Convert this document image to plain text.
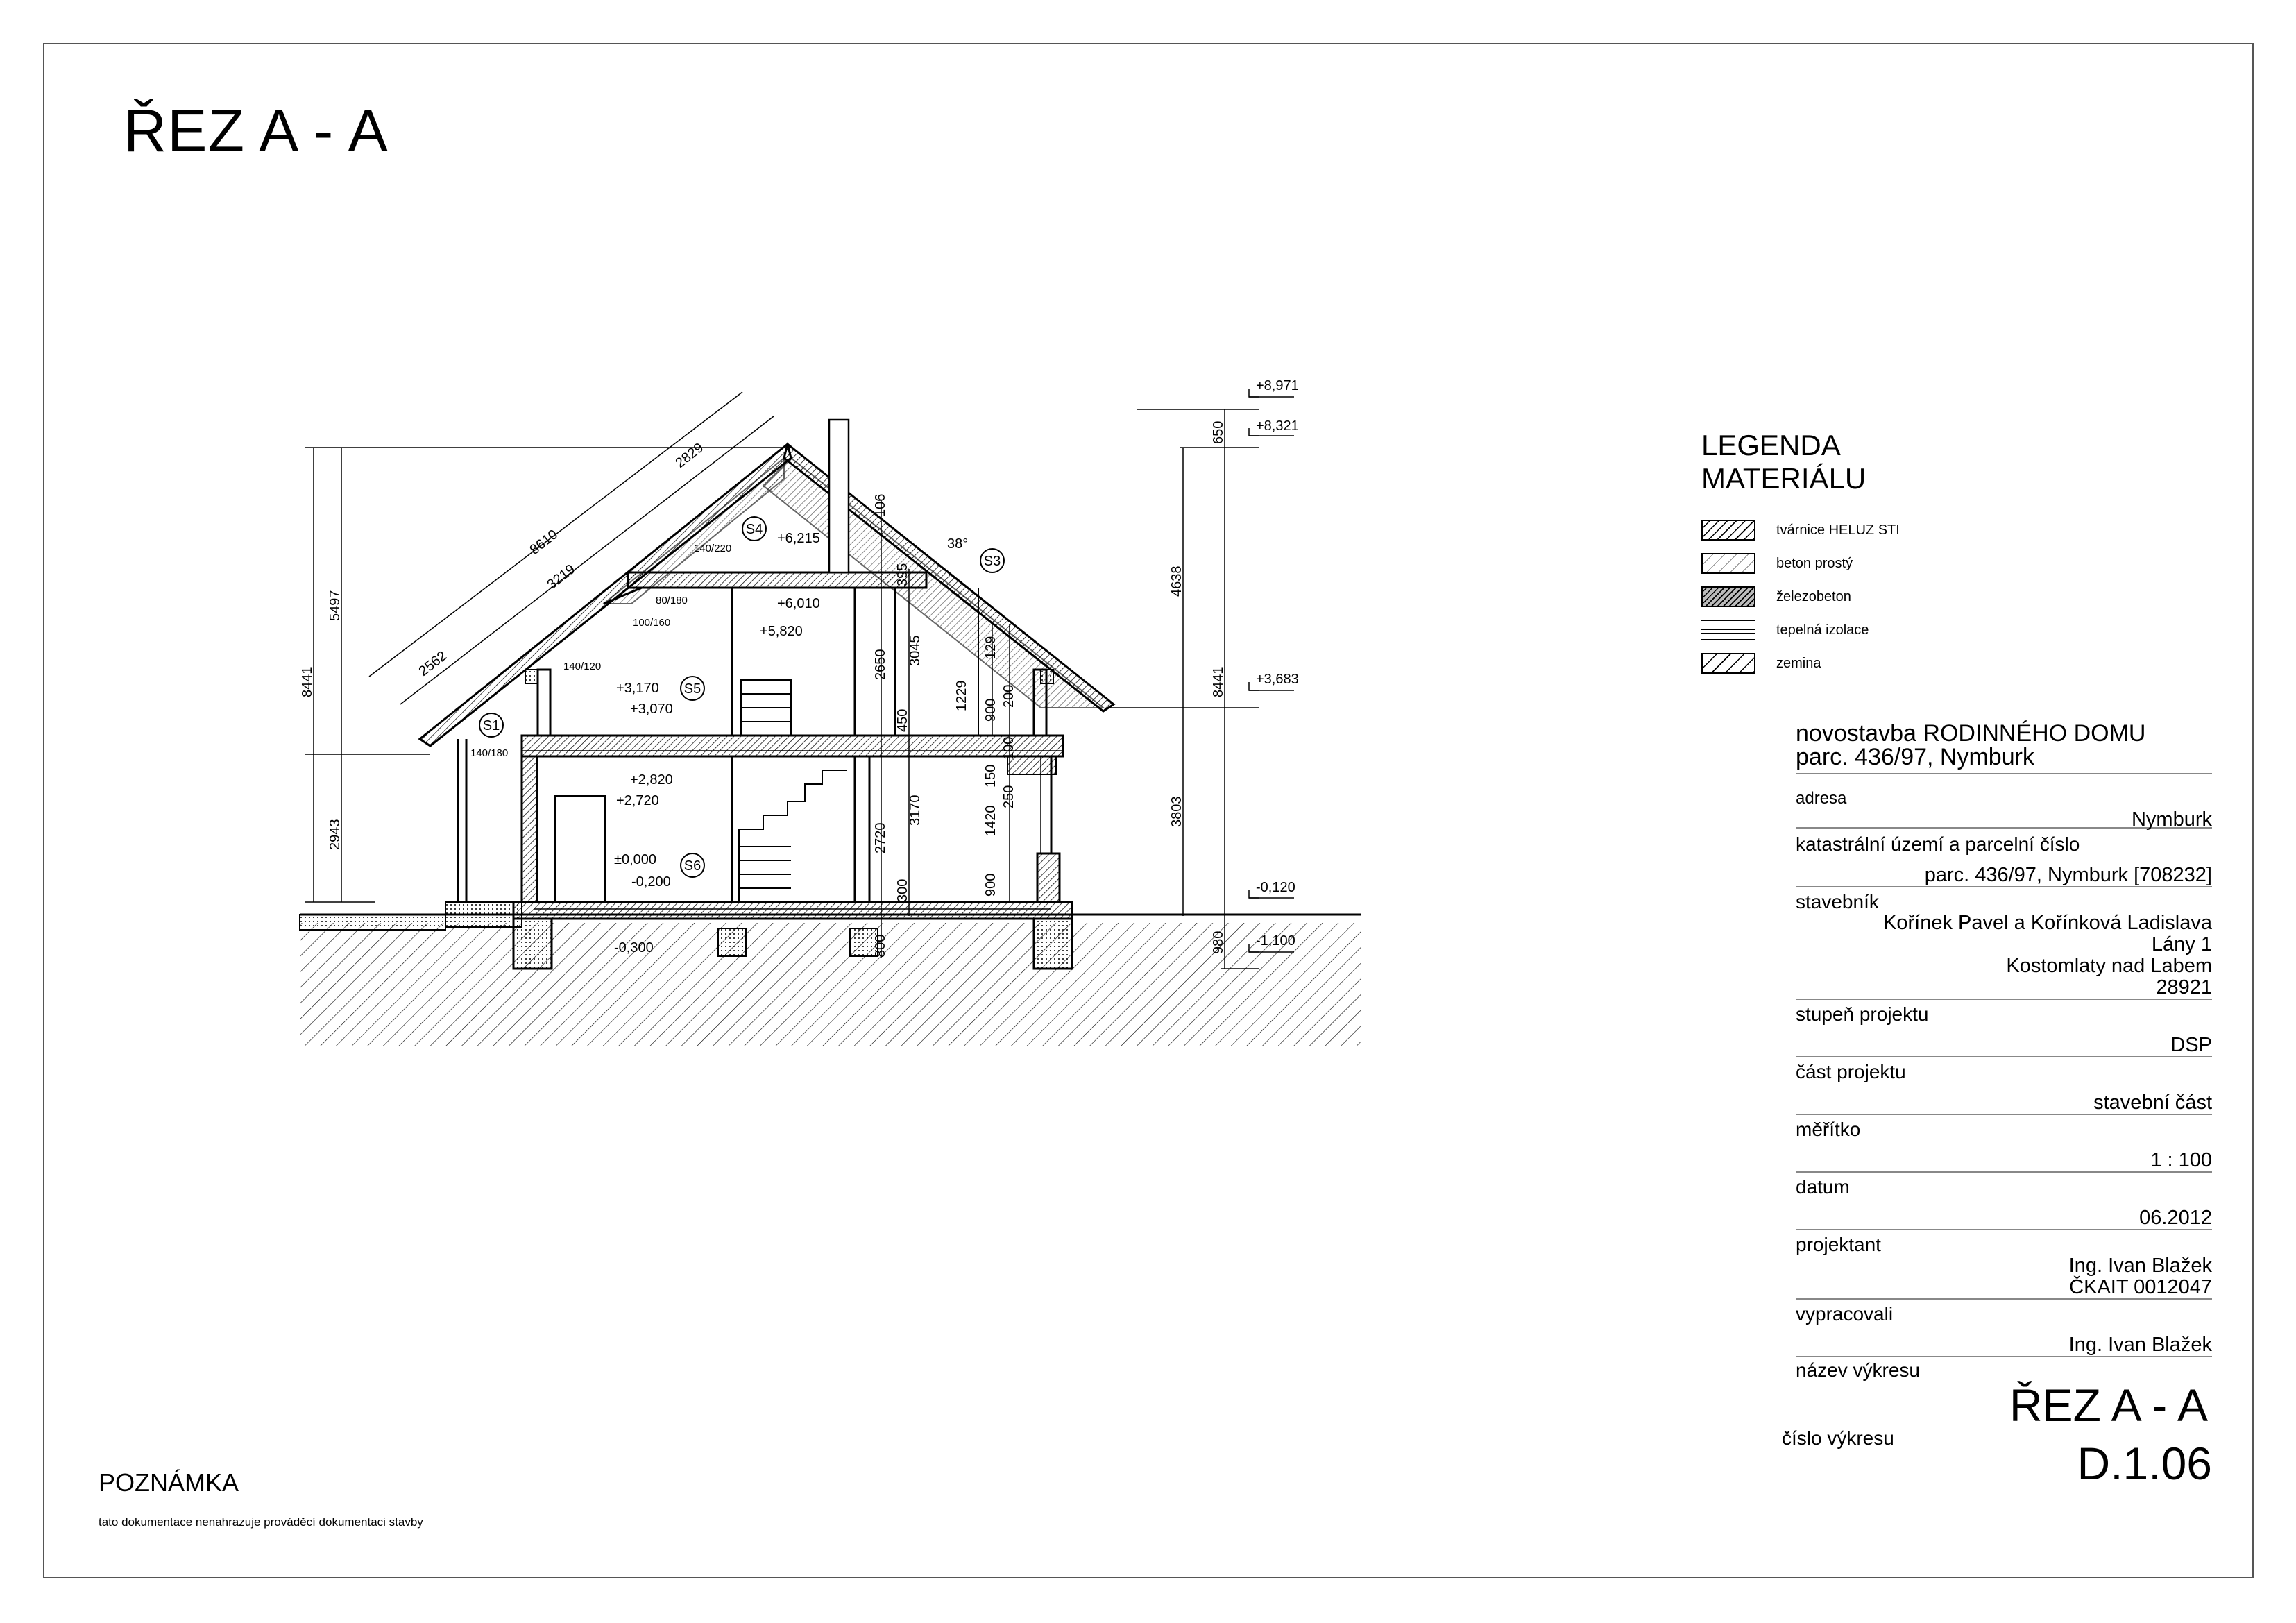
ŘEZ A - A
S1
S3
S4
S5
S6
+8,971
+8,321
+3,683
-0,120
-1,100
+6,215
+6,010
+5,820
+3,170
+3,070
+2,820
+2,720
±0,000
-0,200
-0,300
140/220
80/180
100/160
140/120
140/180
38°
5497
8441
2943
650
4638
8441
3803
980
106
395
3045
2650
450
2720
3170
300
800
129
1229 900
200
100
150
1420
250
900
8610
2829
3219
2562
LEGENDA MATERIÁLU
tvárnice HELUZ STI
beton prostý
železobeton
tepelná izolace
zemina
novostavba RODINNÉHO DOMU
parc. 436/97, Nymburk
adresa
Nymburk
katastrální území a parcelní číslo
parc. 436/97, Nymburk [708232]
stavebník
Kořínek Pavel a Kořínková Ladislava
Lány 1
Kostomlaty nad Labem
28921
stupeň projektu
DSP
část projektu
stavební část
měřítko
1 : 100
datum
06.2012
projektant
Ing. Ivan Blažek
ČKAIT 0012047
vypracovali
Ing. Ivan Blažek
název výkresu
ŘEZ A - A
číslo výkresu	D.1.06
POZNÁMKA
tato dokumentace nenahrazuje prováděcí dokumentaci stavby
